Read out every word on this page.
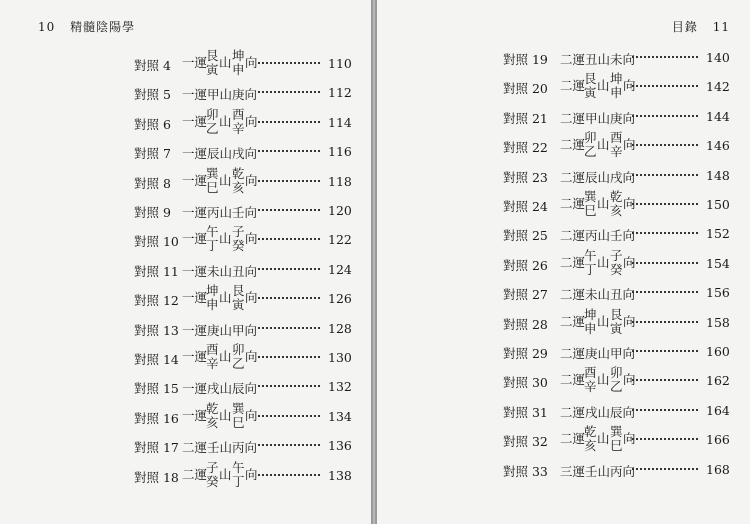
10 精髓陰陽學
對照 4 一運
艮
寅 山 坤
申 向	110
對照 5 一運甲山庚向	112
對照 6 一運
卯
乙 山 酉
辛 向	114
對照 7 一運辰山戌向	116
對照 8 一運
巽
巳 山 乾
亥 向	118
對照 9 一運丙山壬向	120
對照 10 一運
午
丁 山 子
癸 向	122
對照 11 一運未山丑向	124
對照 12 一運
坤
申 山 艮
寅 向	126
對照 13 一運庚山甲向	128
對照 14 一運
酉
辛 山 卯
乙 向	130
對照 15 一運戌山辰向	132
對照 16 一運
乾
亥 山 巽
巳 向	134
對照 17 二運壬山丙向	136
對照 18 二運
子
癸 山 午
丁 向	138
目錄 11
對照 19 二運丑山未向	140
對照 20 二運
艮
寅 山 坤
申 向	142
對照 21 二運甲山庚向	144
對照 22 二運
卯
乙 山 酉
辛 向	146
對照 23 二運辰山戌向	148
對照 24 二運
巽
巳 山 乾
亥 向	150
對照 25 二運丙山壬向	152
對照 26 二運
午
丁 山 子
癸 向	154
對照 27 二運未山丑向	156
對照 28 二運
坤
申 山 艮
寅 向	158
對照 29 二運庚山甲向	160
對照 30 二運
酉
辛 山 卯
乙 向	162
對照 31 二運戌山辰向	164
對照 32 二運
乾
亥 山 巽
巳 向	166
對照 33 三運壬山丙向	168
